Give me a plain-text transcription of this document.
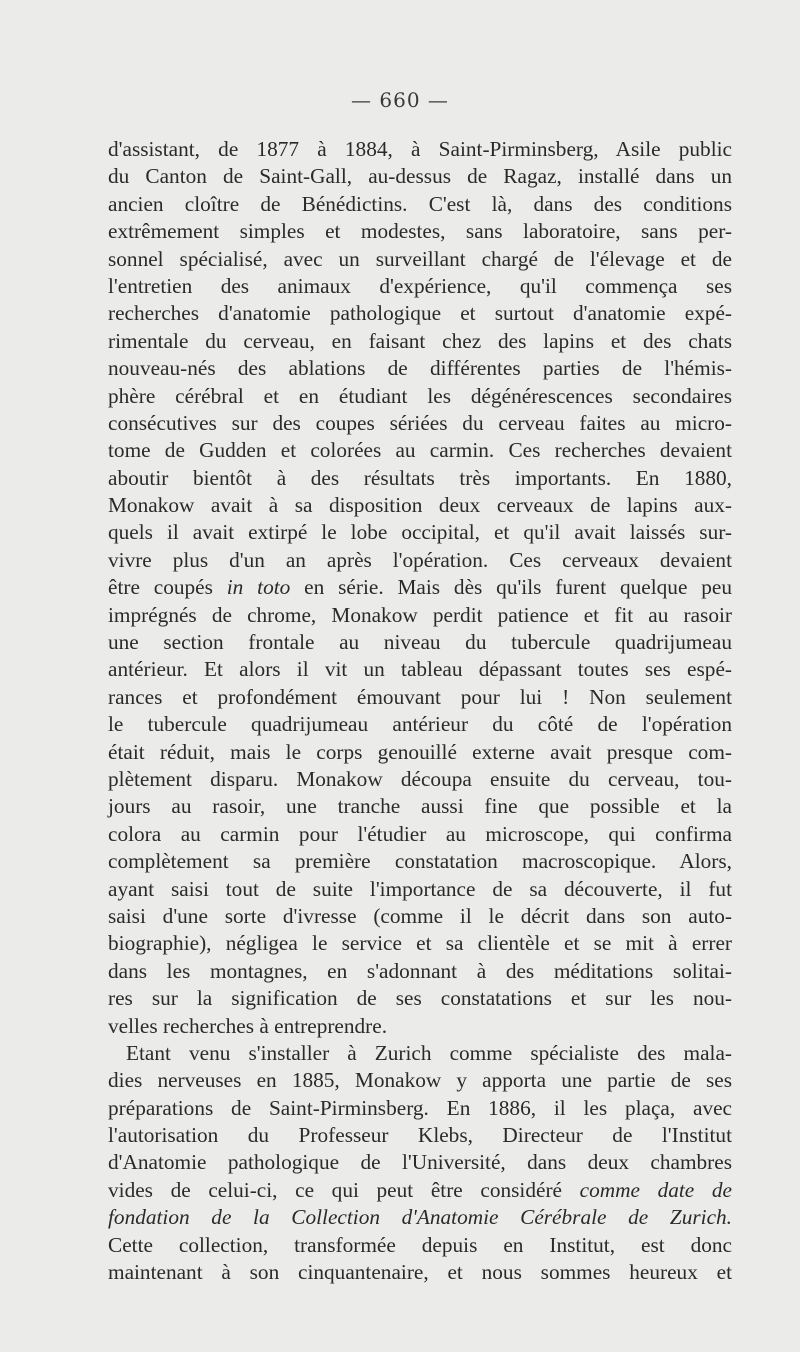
— 660 —
d'assistant, de 1877 à 1884, à Saint-Pirminsberg, Asile public
du Canton de Saint-Gall, au-dessus de Ragaz, installé dans un
ancien cloître de Bénédictins. C'est là, dans des conditions
extrêmement simples et modestes, sans laboratoire, sans per-
sonnel spécialisé, avec un surveillant chargé de l'élevage et de
l'entretien des animaux d'expérience, qu'il commença ses
recherches d'anatomie pathologique et surtout d'anatomie expé-
rimentale du cerveau, en faisant chez des lapins et des chats
nouveau-nés des ablations de différentes parties de l'hémis-
phère cérébral et en étudiant les dégénérescences secondaires
consécutives sur des coupes sériées du cerveau faites au micro-
tome de Gudden et colorées au carmin. Ces recherches devaient
aboutir bientôt à des résultats très importants. En 1880,
Monakow avait à sa disposition deux cerveaux de lapins aux-
quels il avait extirpé le lobe occipital, et qu'il avait laissés sur-
vivre plus d'un an après l'opération. Ces cerveaux devaient
être coupés in toto en série. Mais dès qu'ils furent quelque peu
imprégnés de chrome, Monakow perdit patience et fit au rasoir
une section frontale au niveau du tubercule quadrijumeau
antérieur. Et alors il vit un tableau dépassant toutes ses espé-
rances et profondément émouvant pour lui ! Non seulement
le tubercule quadrijumeau antérieur du côté de l'opération
était réduit, mais le corps genouillé externe avait presque com-
plètement disparu. Monakow découpa ensuite du cerveau, tou-
jours au rasoir, une tranche aussi fine que possible et la
colora au carmin pour l'étudier au microscope, qui confirma
complètement sa première constatation macroscopique. Alors,
ayant saisi tout de suite l'importance de sa découverte, il fut
saisi d'une sorte d'ivresse (comme il le décrit dans son auto-
biographie), négligea le service et sa clientèle et se mit à errer
dans les montagnes, en s'adonnant à des méditations solitai-
res sur la signification de ses constatations et sur les nou-
velles recherches à entreprendre.
Etant venu s'installer à Zurich comme spécialiste des mala-
dies nerveuses en 1885, Monakow y apporta une partie de ses
préparations de Saint-Pirminsberg. En 1886, il les plaça, avec
l'autorisation du Professeur Klebs, Directeur de l'Institut
d'Anatomie pathologique de l'Université, dans deux chambres
vides de celui-ci, ce qui peut être considéré comme date de
fondation de la Collection d'Anatomie Cérébrale de Zurich.
Cette collection, transformée depuis en Institut, est donc
maintenant à son cinquantenaire, et nous sommes heureux et
